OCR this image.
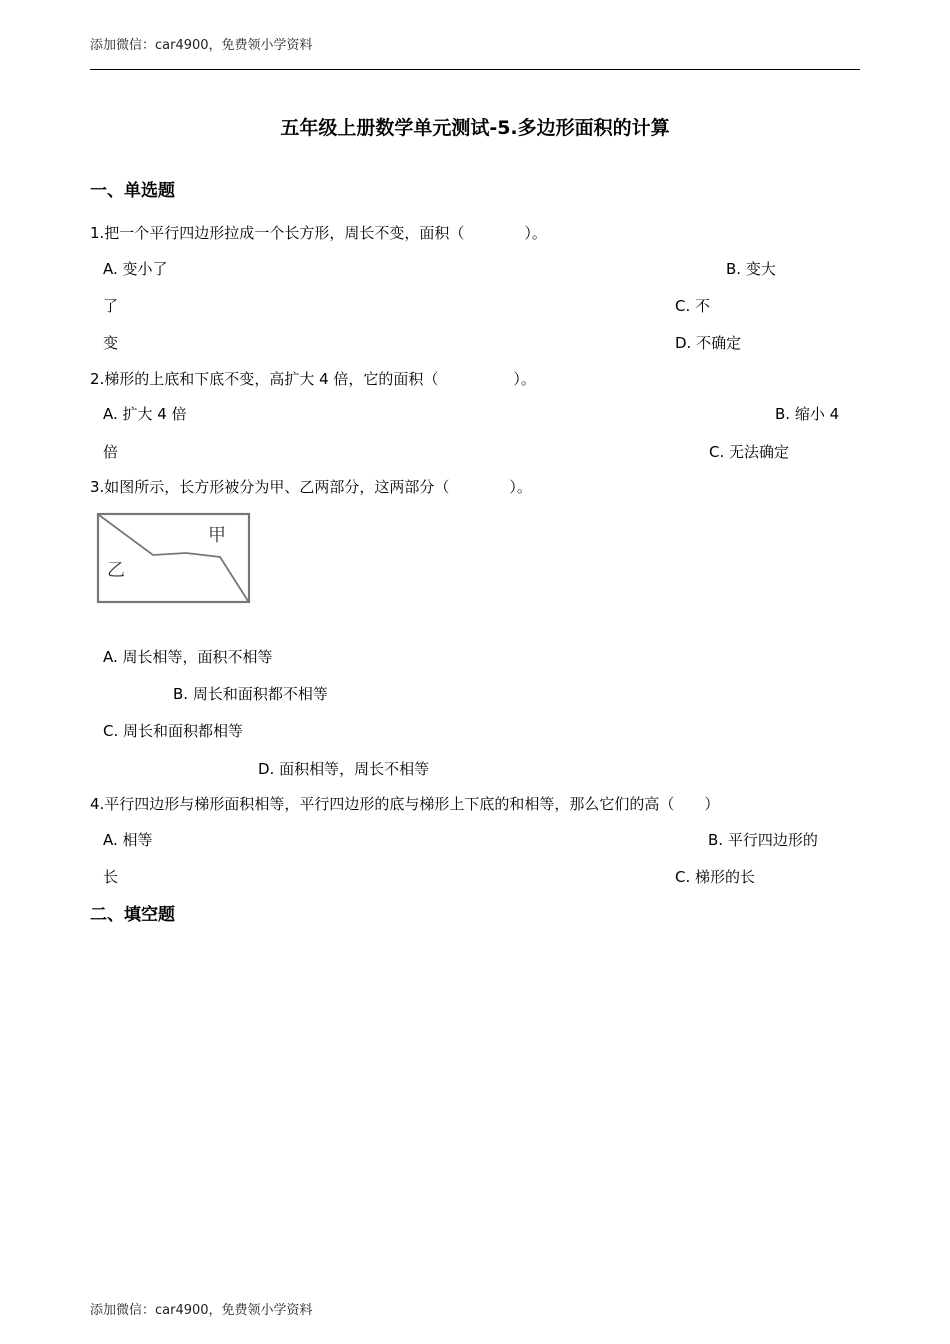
添加微信：car4900，免费领小学资料
五年级上册数学单元测试-5.多边形面积的计算
一、单选题
1.把一个平行四边形拉成一个长方形，周长不变，面积（　　　　）。
A. 变小了	B. 变大
了	C. 不
变	D. 不确定
2.梯形的上底和下底不变，高扩大 4 倍，它的面积（　　　　　）。
A. 扩大 4 倍	B. 缩小 4
倍	C. 无法确定
3.如图所示，长方形被分为甲、乙两部分，这两部分（　　　　）。
甲
乙
A. 周长相等，面积不相等
B. 周长和面积都不相等
C. 周长和面积都相等
D. 面积相等，周长不相等
4.平行四边形与梯形面积相等，平行四边形的底与梯形上下底的和相等，那么它们的高（　　）
A. 相等	B. 平行四边形的
长	C. 梯形的长
二、填空题
添加微信：car4900，免费领小学资料
